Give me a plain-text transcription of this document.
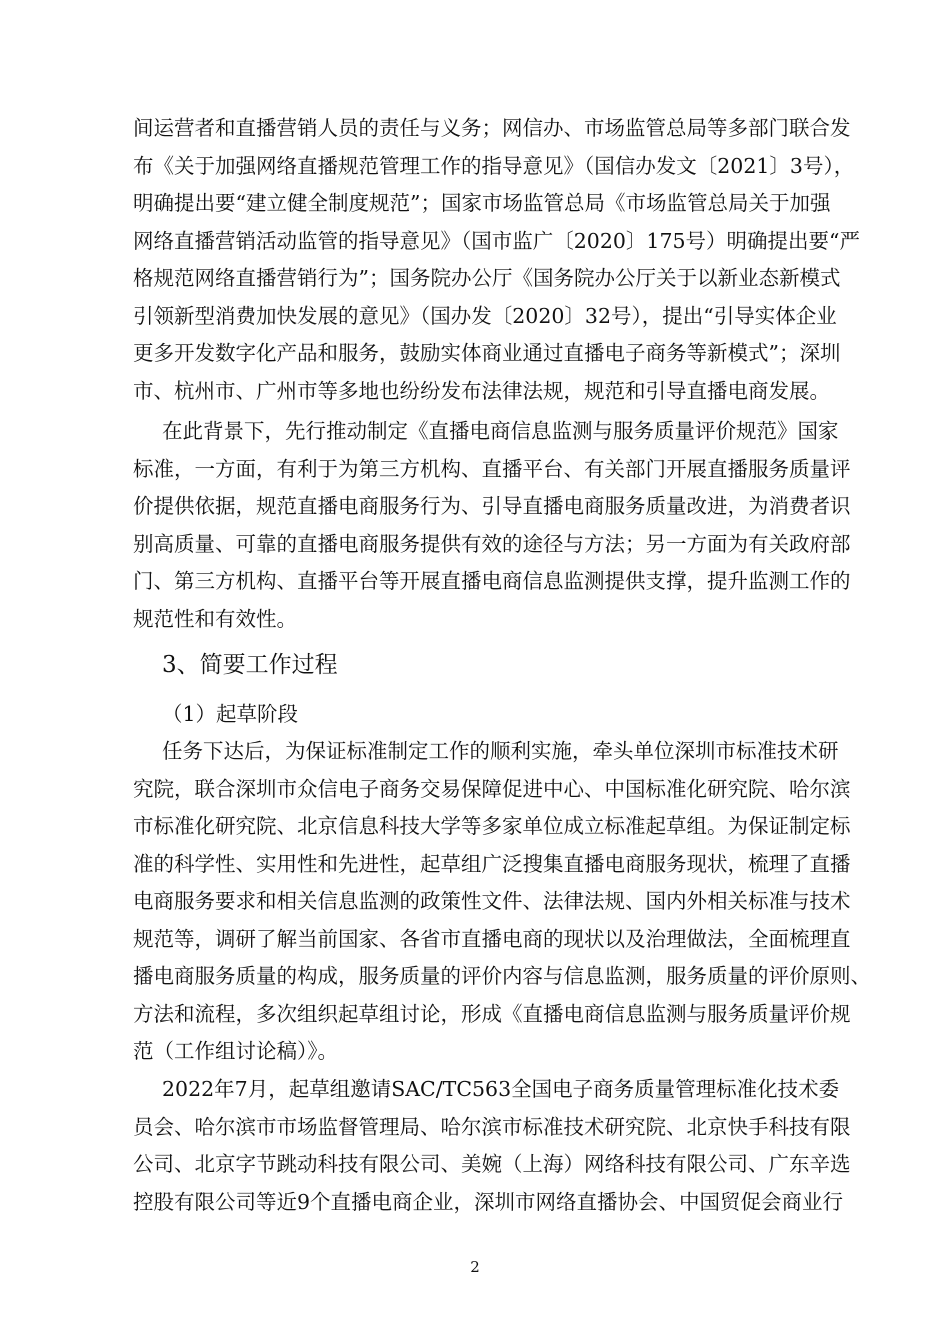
间运营者和直播营销人员的责任与义务；网信办、市场监管总局等多部门联合发
布《关于加强网络直播规范管理工作的指导意见》（国信办发文〔2021〕3号），
明确提出要“建立健全制度规范”；国家市场监管总局《市场监管总局关于加强
网络直播营销活动监管的指导意见》（国市监广〔2020〕175号）明确提出要“严
格规范网络直播营销行为”；国务院办公厅《国务院办公厅关于以新业态新模式
引领新型消费加快发展的意见》（国办发〔2020〕32号），提出“引导实体企业
更多开发数字化产品和服务，鼓励实体商业通过直播电子商务等新模式”；深圳
市、杭州市、广州市等多地也纷纷发布法律法规，规范和引导直播电商发展。
在此背景下，先行推动制定《直播电商信息监测与服务质量评价规范》国家
标准，一方面，有利于为第三方机构、直播平台、有关部门开展直播服务质量评
价提供依据，规范直播电商服务行为、引导直播电商服务质量改进，为消费者识
别高质量、可靠的直播电商服务提供有效的途径与方法；另一方面为有关政府部
门、第三方机构、直播平台等开展直播电商信息监测提供支撑，提升监测工作的
规范性和有效性。
3、简要工作过程
（1）起草阶段
任务下达后，为保证标准制定工作的顺利实施，牵头单位深圳市标准技术研
究院，联合深圳市众信电子商务交易保障促进中心、中国标准化研究院、哈尔滨
市标准化研究院、北京信息科技大学等多家单位成立标准起草组。为保证制定标
准的科学性、实用性和先进性，起草组广泛搜集直播电商服务现状，梳理了直播
电商服务要求和相关信息监测的政策性文件、法律法规、国内外相关标准与技术
规范等，调研了解当前国家、各省市直播电商的现状以及治理做法，全面梳理直
播电商服务质量的构成，服务质量的评价内容与信息监测，服务质量的评价原则、
方法和流程，多次组织起草组讨论，形成《直播电商信息监测与服务质量评价规
范（工作组讨论稿）》。
2022年7月，起草组邀请SAC/TC563全国电子商务质量管理标准化技术委
员会、哈尔滨市市场监督管理局、哈尔滨市标准技术研究院、北京快手科技有限
公司、北京字节跳动科技有限公司、美婉（上海）网络科技有限公司、广东辛选
控股有限公司等近9个直播电商企业，深圳市网络直播协会、中国贸促会商业行
2
